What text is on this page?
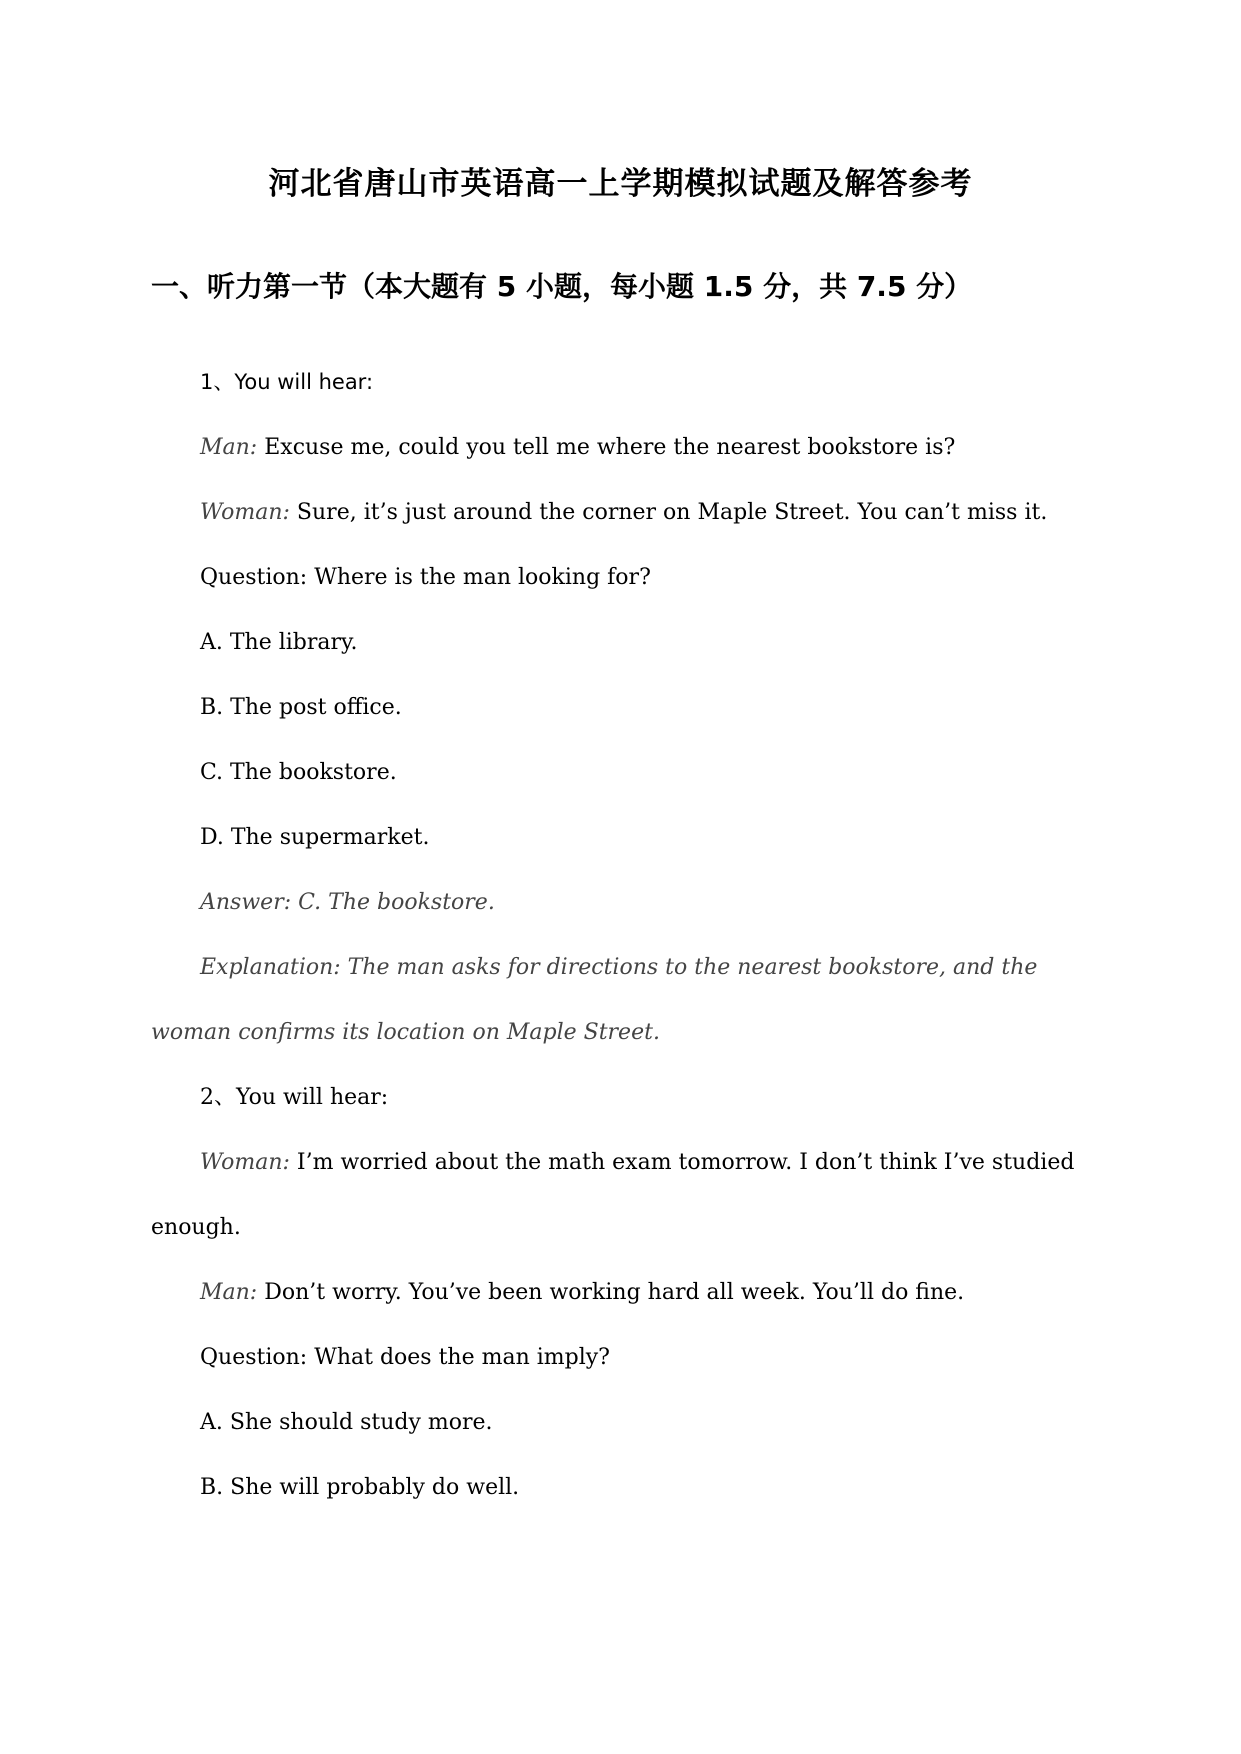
河北省唐山市英语高一上学期模拟试题及解答参考
一、听力第一节（本大题有 5 小题，每小题 1.5 分，共 7.5 分）

1、You will hear:

Man: Excuse me, could you tell me where the nearest bookstore is?

Woman: Sure, it’s just around the corner on Maple Street. You can’t miss it.

Question: Where is the man looking for?

A. The library.

B. The post office.

C. The bookstore.

D. The supermarket.

Answer: C. The bookstore.

Explanation: The man asks for directions to the nearest bookstore, and the woman confirms its location on Maple Street.

2、You will hear:

Woman: I’m worried about the math exam tomorrow. I don’t think I’ve studied enough.

Man: Don’t worry. You’ve been working hard all week. You’ll do fine.

Question: What does the man imply?

A. She should study more.

B. She will probably do well.
